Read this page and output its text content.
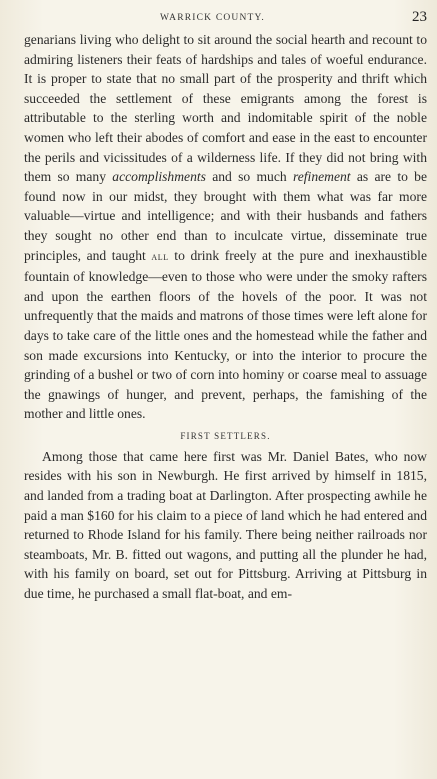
WARRICK COUNTY.	23

genarians living who delight to sit around the social hearth and recount to admiring listeners their feats of hardships and tales of woeful endurance. It is proper to state that no small part of the prosperity and thrift which succeeded the settlement of these emigrants among the forest is attributable to the sterling worth and indomitable spirit of the noble women who left their abodes of comfort and ease in the east to encounter the perils and vicissitudes of a wilderness life. If they did not bring with them so many accomplishments and so much refinement as are to be found now in our midst, they brought with them what was far more valuable—virtue and intelligence; and with their husbands and fathers they sought no other end than to inculcate virtue, disseminate true principles, and taught all to drink freely at the pure and inexhaustible fountain of knowledge—even to those who were under the smoky rafters and upon the earthen floors of the hovels of the poor. It was not unfrequently that the maids and matrons of those times were left alone for days to take care of the little ones and the homestead while the father and son made excursions into Kentucky, or into the interior to procure the grinding of a bushel or two of corn into hominy or coarse meal to assuage the gnawings of hunger, and prevent, perhaps, the famishing of the mother and little ones.

FIRST SETTLERS.

Among those that came here first was Mr. Daniel Bates, who now resides with his son in Newburgh. He first arrived by himself in 1815, and landed from a trading boat at Darlington. After prospecting awhile he paid a man $160 for his claim to a piece of land which he had entered and returned to Rhode Island for his family. There being neither railroads nor steamboats, Mr. B. fitted out wagons, and putting all the plunder he had, with his family on board, set out for Pittsburg. Arriving at Pittsburg in due time, he purchased a small flat-boat, and em-
